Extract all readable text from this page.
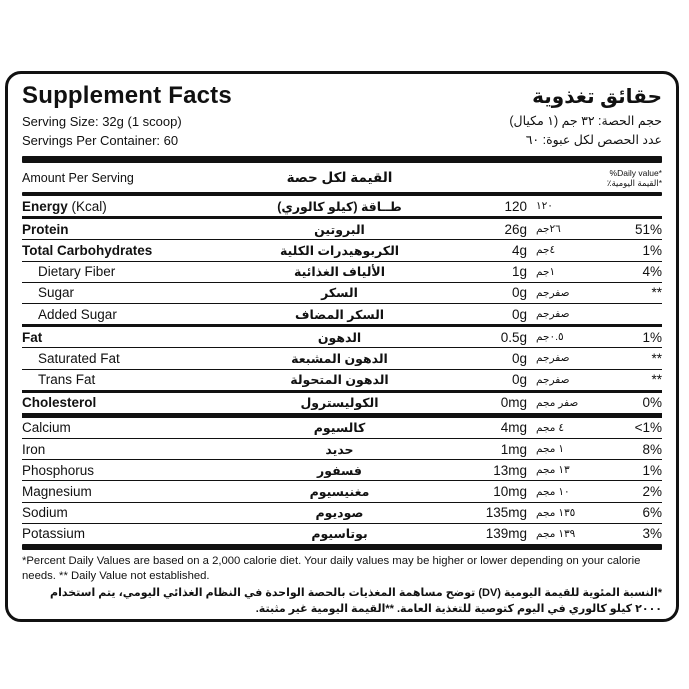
Supplement Facts	حقائق تغذوية
Serving Size: 32g (1 scoop)
Servings Per Container: 60
حجم الحصة: ٣٢ جم (١ مكيال)
عدد الحصص لكل عبوة: ٦٠
Amount Per Serving	القيمة لكل حصة	%Daily value*
*القيمة اليومية٪
Energy (Kcal)	طــاقة (كيلو كالوري)	120 ١٢٠
Protein	البروتين	26g ٢٦جم	51%
Total Carbohydrates	الكربوهيدرات الكلية	4g ٤جم	1%
Dietary Fiber	الألياف الغذائية	1g ١جم	4%
Sugar	السكر	0g صفرجم	**
Added Sugar	السكر المضاف	0g صفرجم
Fat	الدهون	0.5g ٠.٥جم	1%
Saturated Fat	الدهون المشبعة	0g صفرجم	**
Trans Fat	الدهون المتحولة	0g صفرجم	**
Cholesterol	الكوليسترول	0mg صفر مجم	0%
Calcium	كالسيوم	4mg ٤ مجم	<1%
Iron	حديد	1mg ١ مجم	8%
Phosphorus	فسفور	13mg ١٣ مجم	1%
Magnesium	مغنيسيوم	10mg ١٠ مجم	2%
Sodium	صوديوم	135mg ١٣٥ مجم	6%
Potassium	بوتاسيوم	139mg ١٣٩ مجم	3%
*Percent Daily Values are based on a 2,000 calorie diet. Your daily values may be higher or lower depending on your calorie needs. ** Daily Value not established.
*النسبة المئوية للقيمة اليومية (DV) توضح مساهمة المغذيات بالحصة الواحدة في النظام الغذائي اليومي، يتم استخدام ٢٠٠٠ كيلو كالوري في اليوم كتوصية للتغذية العامة. **القيمة اليومية غير مثبتة.
